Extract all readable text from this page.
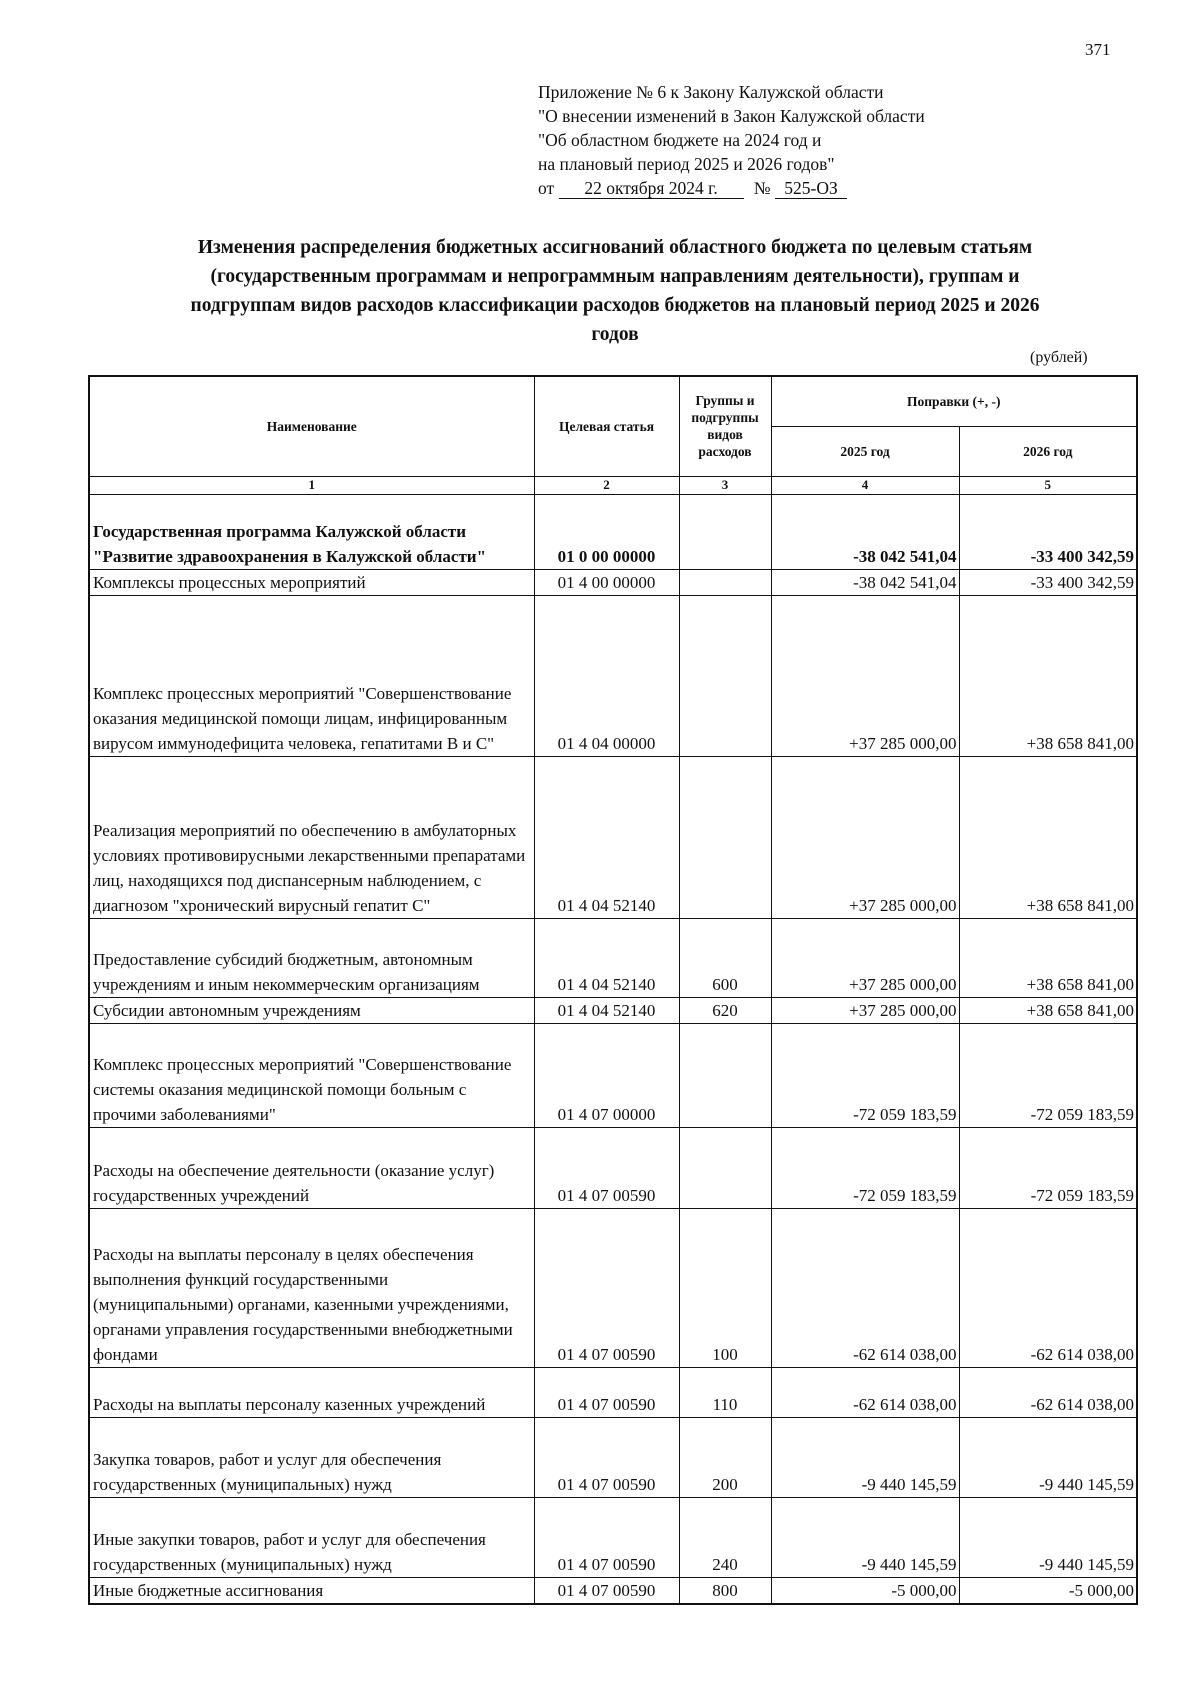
371
Приложение № 6 к Закону Калужской области
"О внесении изменений в Закон Калужской области
"Об областном бюджете на 2024 год и
на плановый период 2025 и 2026 годов"
от 22 октября 2024 г. № 525-ОЗ
Изменения распределения бюджетных ассигнований областного бюджета по целевым статьям
(государственным программам и непрограммным направлениям деятельности), группам и
подгруппам видов расходов классификации расходов бюджетов на плановый период 2025 и 2026
годов
(рублей)
Наименование	Целевая статья	Группы и подгруппы видов расходов	Поправки (+, -)	
			2025 год	2026 год
1	2	3	4	5
Государственная программа Калужской области "Развитие здравоохранения в Калужской области"	01 0 00 00000		-38 042 541,04	-33 400 342,59
Комплексы процессных мероприятий	01 4 00 00000		-38 042 541,04	-33 400 342,59
Комплекс процессных мероприятий "Совершенствование оказания медицинской помощи лицам, инфицированным вирусом иммунодефицита человека, гепатитами В и С"	01 4 04 00000		+37 285 000,00	+38 658 841,00
Реализация мероприятий по обеспечению в амбулаторных условиях противовирусными лекарственными препаратами лиц, находящихся под диспансерным наблюдением, с диагнозом "хронический вирусный гепатит С"	01 4 04 52140		+37 285 000,00	+38 658 841,00
Предоставление субсидий бюджетным, автономным учреждениям и иным некоммерческим организациям	01 4 04 52140	600	+37 285 000,00	+38 658 841,00
Субсидии автономным учреждениям	01 4 04 52140	620	+37 285 000,00	+38 658 841,00
Комплекс процессных мероприятий "Совершенствование системы оказания медицинской помощи больным с прочими заболеваниями"	01 4 07 00000		-72 059 183,59	-72 059 183,59
Расходы на обеспечение деятельности (оказание услуг) государственных учреждений	01 4 07 00590		-72 059 183,59	-72 059 183,59
Расходы на выплаты персоналу в целях обеспечения выполнения функций государственными (муниципальными) органами, казенными учреждениями, органами управления государственными внебюджетными фондами	01 4 07 00590	100	-62 614 038,00	-62 614 038,00
Расходы на выплаты персоналу казенных учреждений	01 4 07 00590	110	-62 614 038,00	-62 614 038,00
Закупка товаров, работ и услуг для обеспечения государственных (муниципальных) нужд	01 4 07 00590	200	-9 440 145,59	-9 440 145,59
Иные закупки товаров, работ и услуг для обеспечения государственных (муниципальных) нужд	01 4 07 00590	240	-9 440 145,59	-9 440 145,59
Иные бюджетные ассигнования	01 4 07 00590	800	-5 000,00	-5 000,00
